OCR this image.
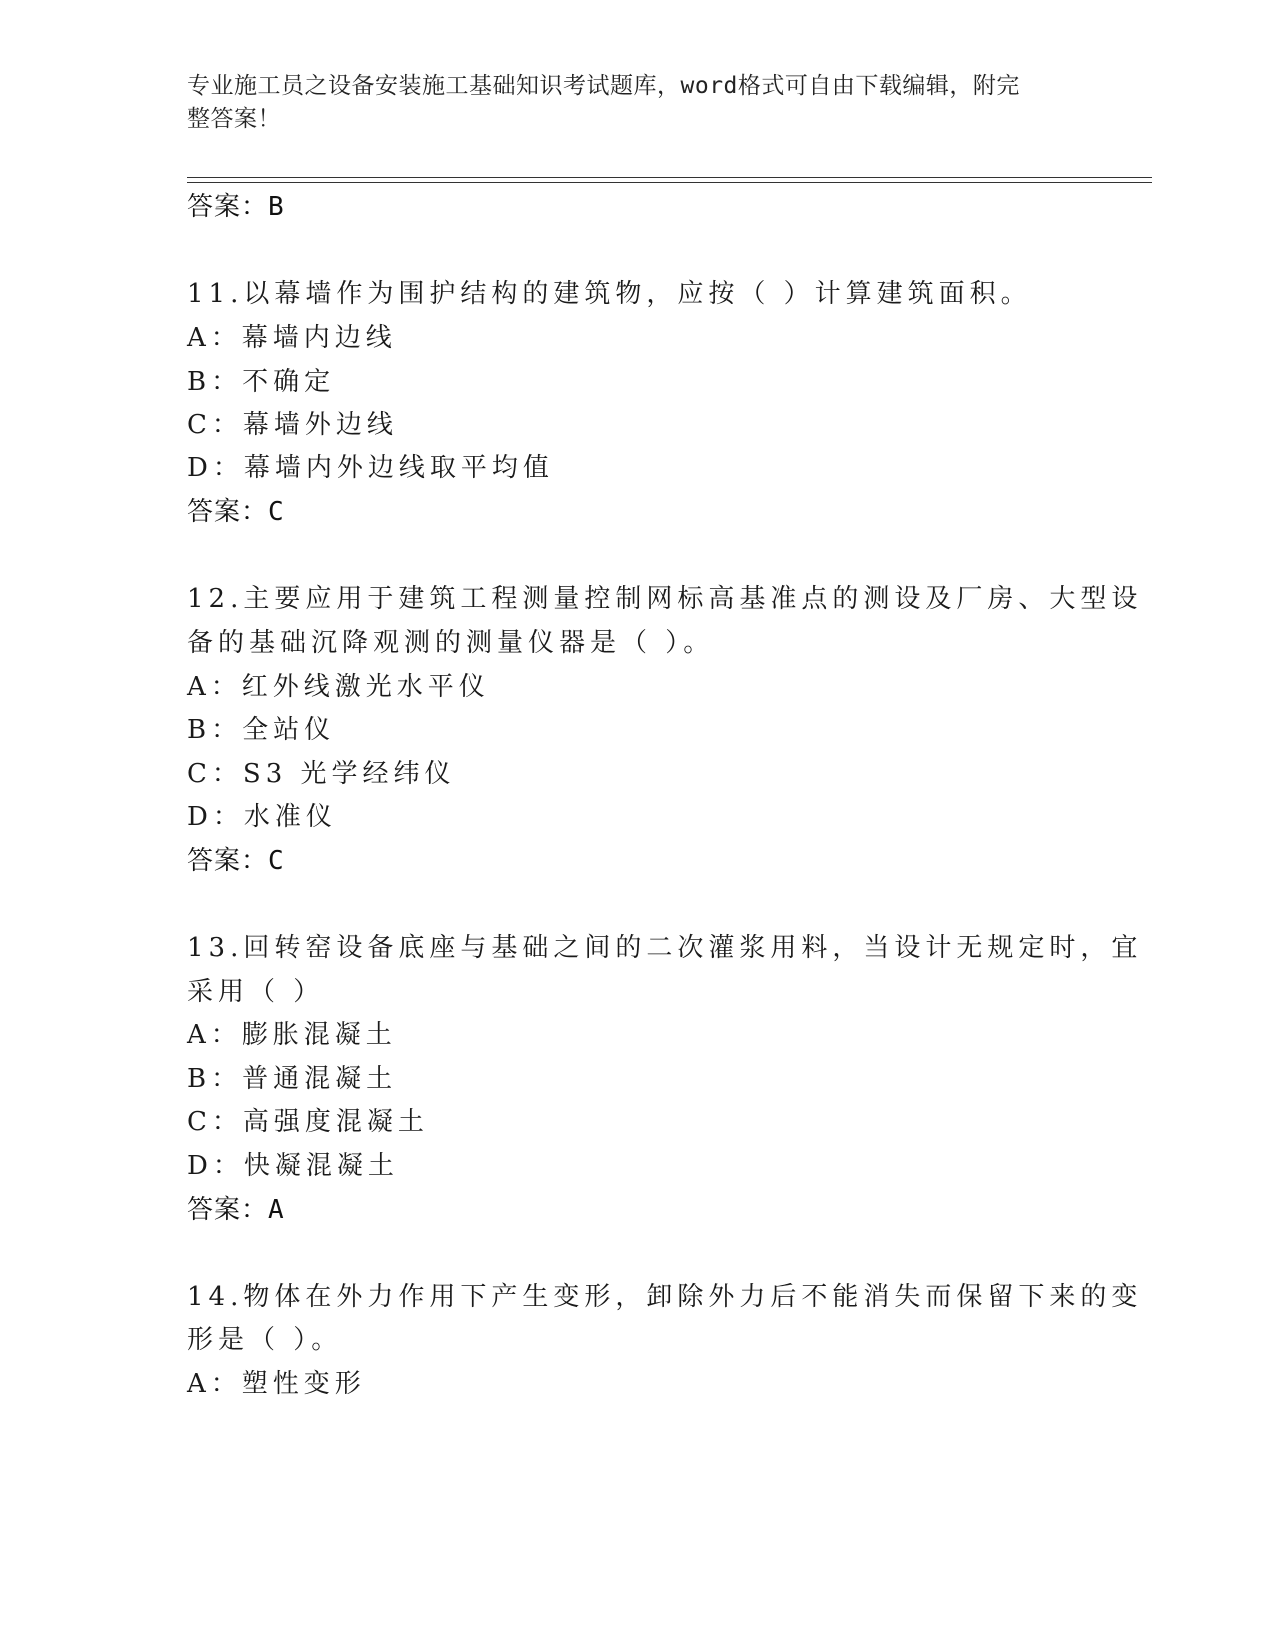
专业施工员之设备安装施工基础知识考试题库，word格式可自由下载编辑，附完
整答案！
答案：B
11.以幕墙作为围护结构的建筑物，应按（ ）计算建筑面积。
A：幕墙内边线
B：不确定
C：幕墙外边线
D：幕墙内外边线取平均值
答案：C
12.主要应用于建筑工程测量控制网标高基准点的测设及厂房、大型设
备的基础沉降观测的测量仪器是（ ）。
A：红外线激光水平仪
B：全站仪
C：S3 光学经纬仪
D：水准仪
答案：C
13.回转窑设备底座与基础之间的二次灌浆用料，当设计无规定时，宜
采用（ ）
A：膨胀混凝土
B：普通混凝土
C：高强度混凝土
D：快凝混凝土
答案：A
14.物体在外力作用下产生变形，卸除外力后不能消失而保留下来的变
形是（ ）。
A：塑性变形
